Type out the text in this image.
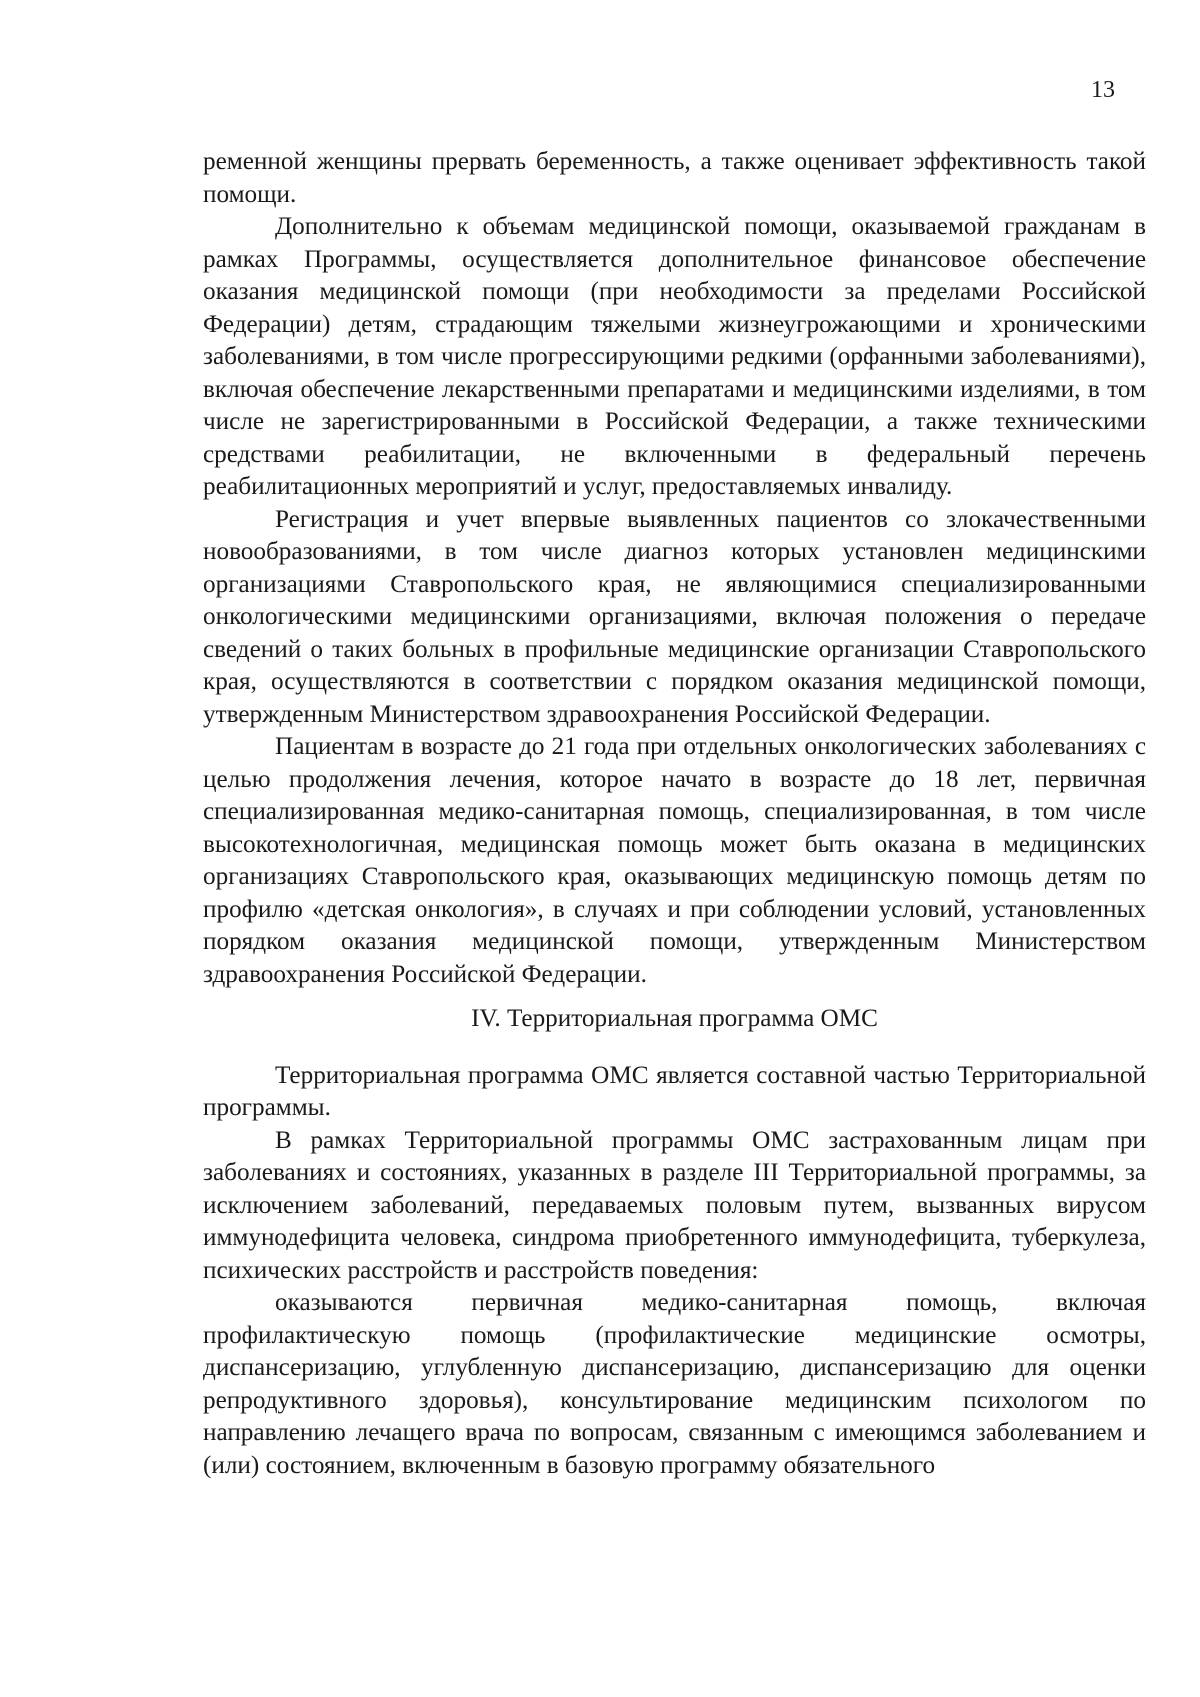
13

ременной женщины прервать беременность, а также оценивает эффективность такой помощи.

Дополнительно к объемам медицинской помощи, оказываемой гражданам в рамках Программы, осуществляется дополнительное финансовое обеспечение оказания медицинской помощи (при необходимости за пределами Российской Федерации) детям, страдающим тяжелыми жизнеугрожающими и хроническими заболеваниями, в том числе прогрессирующими редкими (орфанными заболеваниями), включая обеспечение лекарственными препаратами и медицинскими изделиями, в том числе не зарегистрированными в Российской Федерации, а также техническими средствами реабилитации, не включенными в федеральный перечень реабилитационных мероприятий и услуг, предоставляемых инвалиду.

Регистрация и учет впервые выявленных пациентов со злокачественными новообразованиями, в том числе диагноз которых установлен медицинскими организациями Ставропольского края, не являющимися специализированными онкологическими медицинскими организациями, включая положения о передаче сведений о таких больных в профильные медицинские организации Ставропольского края, осуществляются в соответствии с порядком оказания медицинской помощи, утвержденным Министерством здравоохранения Российской Федерации.

Пациентам в возрасте до 21 года при отдельных онкологических заболеваниях с целью продолжения лечения, которое начато в возрасте до 18 лет, первичная специализированная медико-санитарная помощь, специализированная, в том числе высокотехнологичная, медицинская помощь может быть оказана в медицинских организациях Ставропольского края, оказывающих медицинскую помощь детям по профилю «детская онкология», в случаях и при соблюдении условий, установленных порядком оказания медицинской помощи, утвержденным Министерством здравоохранения Российской Федерации.

IV. Территориальная программа ОМС

Территориальная программа ОМС является составной частью Территориальной программы.

В рамках Территориальной программы ОМС застрахованным лицам при заболеваниях и состояниях, указанных в разделе III Территориальной программы, за исключением заболеваний, передаваемых половым путем, вызванных вирусом иммунодефицита человека, синдрома приобретенного иммунодефицита, туберкулеза, психических расстройств и расстройств поведения:

оказываются первичная медико-санитарная помощь, включая профилактическую помощь (профилактические медицинские осмотры, диспансеризацию, углубленную диспансеризацию, диспансеризацию для оценки репродуктивного здоровья), консультирование медицинским психологом по направлению лечащего врача по вопросам, связанным с имеющимся заболеванием и (или) состоянием, включенным в базовую программу обязательного
